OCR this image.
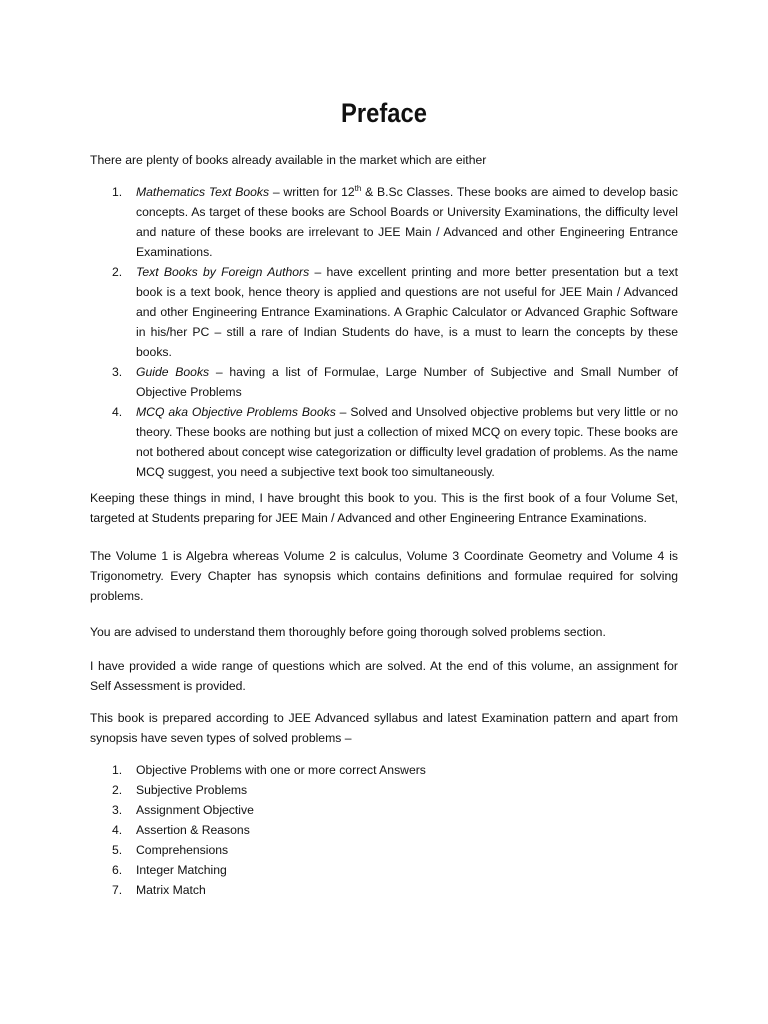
Preface

There are plenty of books already available in the market which are either

1. Mathematics Text Books – written for 12th & B.Sc Classes. These books are aimed to develop basic concepts. As target of these books are School Boards or University Examinations, the difficulty level and nature of these books are irrelevant to JEE Main / Advanced and other Engineering Entrance Examinations.
2. Text Books by Foreign Authors – have excellent printing and more better presentation but a text book is a text book, hence theory is applied and questions are not useful for JEE Main / Advanced and other Engineering Entrance Examinations. A Graphic Calculator or Advanced Graphic Software in his/her PC – still a rare of Indian Students do have, is a must to learn the concepts by these books.
3. Guide Books – having a list of Formulae, Large Number of Subjective and Small Number of Objective Problems
4. MCQ aka Objective Problems Books – Solved and Unsolved objective problems but very little or no theory. These books are nothing but just a collection of mixed MCQ on every topic. These books are not bothered about concept wise categorization or difficulty level gradation of problems. As the name MCQ suggest, you need a subjective text book too simultaneously.

Keeping these things in mind, I have brought this book to you. This is the first book of a four Volume Set, targeted at Students preparing for JEE Main / Advanced and other Engineering Entrance Examinations.

The Volume 1 is Algebra whereas Volume 2 is calculus, Volume 3 Coordinate Geometry and Volume 4 is Trigonometry. Every Chapter has synopsis which contains definitions and formulae required for solving problems.

You are advised to understand them thoroughly before going thorough solved problems section.

I have provided a wide range of questions which are solved. At the end of this volume, an assignment for Self Assessment is provided.

This book is prepared according to JEE Advanced syllabus and latest Examination pattern and apart from synopsis have seven types of solved problems –

1. Objective Problems with one or more correct Answers
2. Subjective Problems
3. Assignment Objective
4. Assertion & Reasons
5. Comprehensions
6. Integer Matching
7. Matrix Match
